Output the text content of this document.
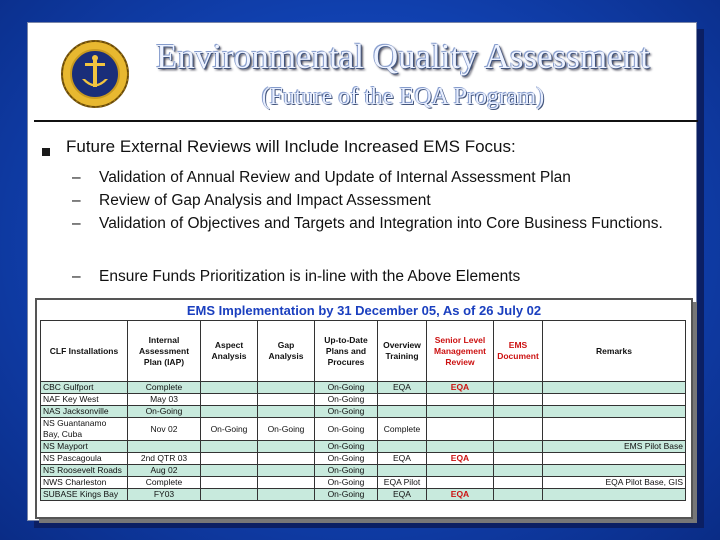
Environmental Quality Assessment
(Future of the EQA Program)
Future External Reviews will Include Increased EMS Focus:
– Validation of Annual Review and Update of Internal Assessment Plan
– Review of Gap Analysis and Impact Assessment
– Validation of Objectives and Targets and Integration into Core Business Functions.
– Ensure Funds Prioritization is in-line with the Above Elements
EMS Implementation by 31 December 05, As of 26 July 02
CLF Installations	Internal Assessment Plan (IAP)	Aspect Analysis	Gap Analysis	Up-to-Date Plans and Procures	Overview Training	Senior Level Management Review	EMS Document	Remarks
CBC Gulfport	Complete			On-Going	EQA	EQA		
NAF Key West	May 03			On-Going				
NAS Jacksonville	On-Going			On-Going				
NS Guantanamo Bay, Cuba	Nov 02	On-Going	On-Going	On-Going	Complete			
NS Mayport				On-Going				EMS Pilot Base
NS Pascagoula	2nd QTR 03			On-Going	EQA	EQA		
NS Roosevelt Roads	Aug 02			On-Going				
NWS Charleston	Complete			On-Going	EQA Pilot			EQA Pilot Base, GIS
SUBASE Kings Bay	FY03			On-Going	EQA	EQA		
